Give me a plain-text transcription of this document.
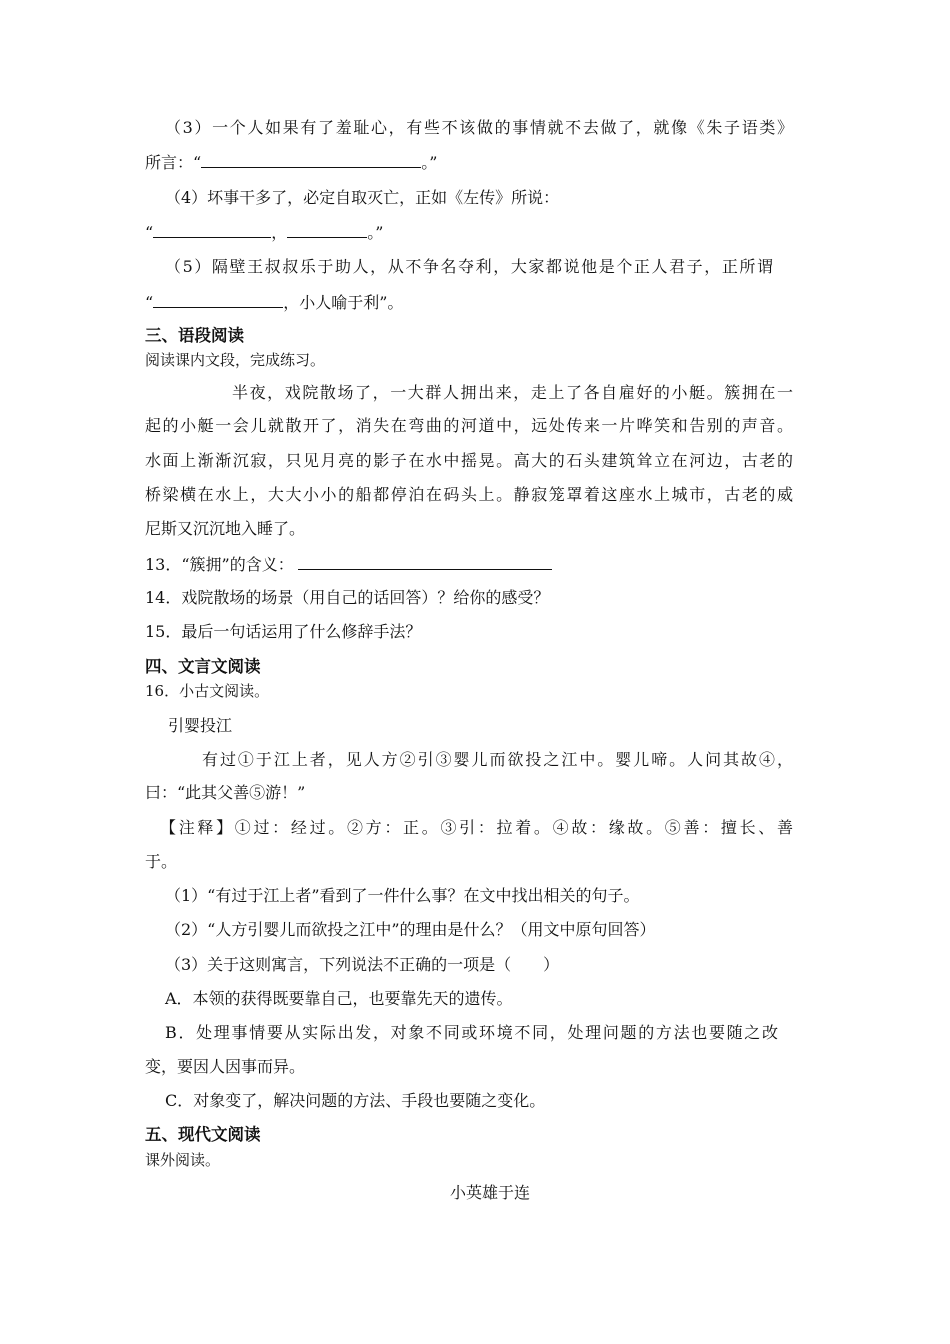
（3）一个人如果有了羞耻心，有些不该做的事情就不去做了，就像《朱子语类》
所言：“	。”
（4）坏事干多了，必定自取灭亡，正如《左传》所说：
“	，	。”
（5）隔壁王叔叔乐于助人，从不争名夺利，大家都说他是个正人君子，正所谓
“	，小人喻于利”。
三、语段阅读
阅读课内文段，完成练习。
半夜，戏院散场了，一大群人拥出来，走上了各自雇好的小艇。簇拥在一
起的小艇一会儿就散开了，消失在弯曲的河道中，远处传来一片哗笑和告别的声音。
水面上渐渐沉寂，只见月亮的影子在水中摇晃。高大的石头建筑耸立在河边，古老的
桥梁横在水上，大大小小的船都停泊在码头上。静寂笼罩着这座水上城市，古老的威
尼斯又沉沉地入睡了。
13．“簇拥”的含义：
14．戏院散场的场景（用自己的话回答）？给你的感受？
15．最后一句话运用了什么修辞手法？
四、文言文阅读
16．小古文阅读。
引婴投江
有过①于江上者，见人方②引③婴儿而欲投之江中。婴儿啼。人问其故④，
曰：“此其父善⑤游！”
【注释】①过：经过。②方：正。③引：拉着。④故：缘故。⑤善：擅长、善
于。
（1）“有过于江上者”看到了一件什么事？在文中找出相关的句子。
（2）“人方引婴儿而欲投之江中”的理由是什么？（用文中原句回答）
（3）关于这则寓言，下列说法不正确的一项是（　　）
A．本领的获得既要靠自己，也要靠先天的遗传。
B．处理事情要从实际出发，对象不同或环境不同，处理问题的方法也要随之改
变，要因人因事而异。
C．对象变了，解决问题的方法、手段也要随之变化。
五、现代文阅读
课外阅读。
小英雄于连
